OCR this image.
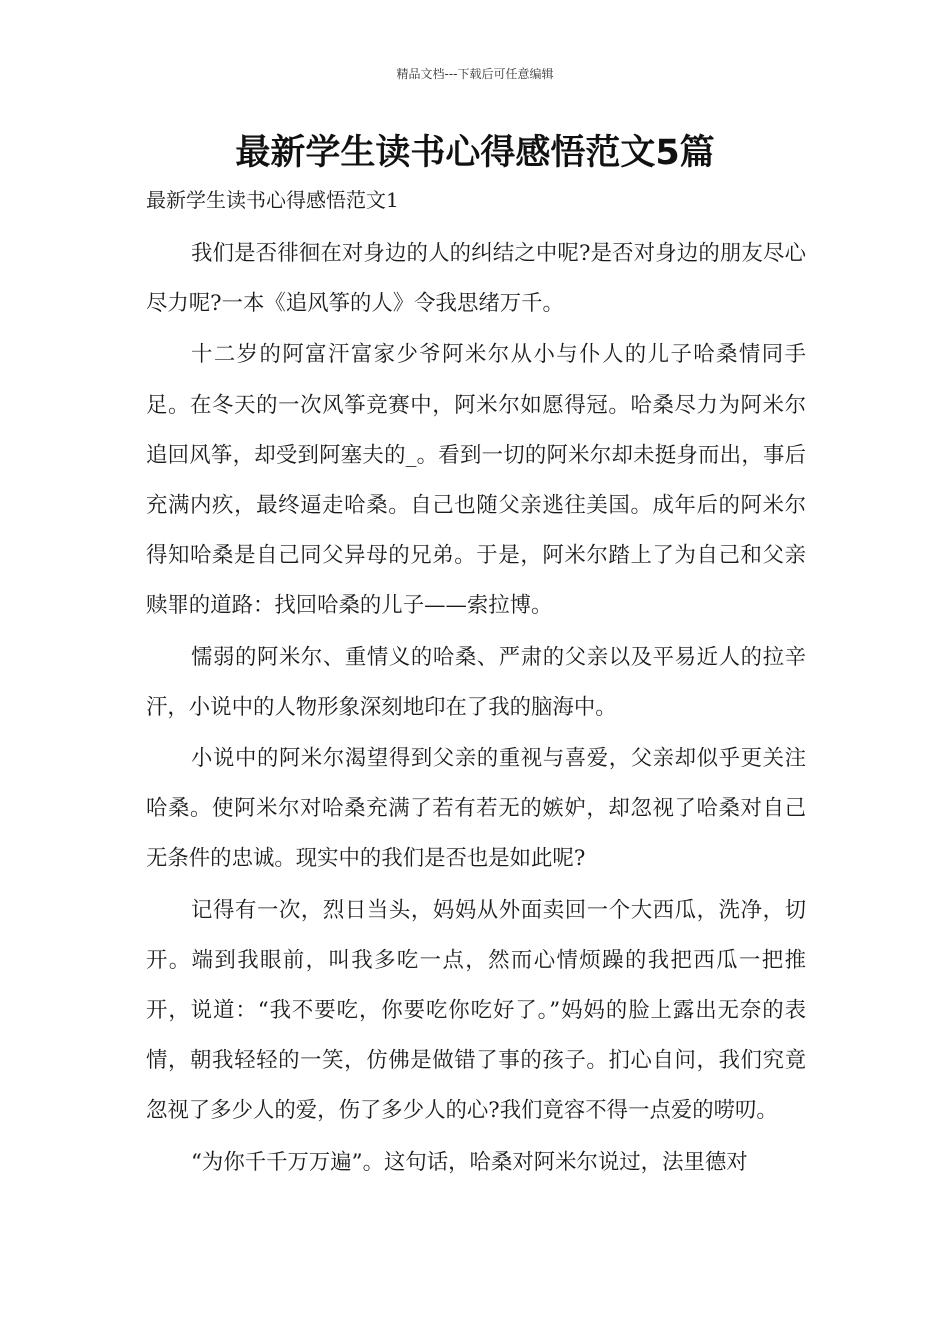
精品文档---下载后可任意编辑
最新学生读书心得感悟范文5篇

最新学生读书心得感悟范文1

我们是否徘徊在对身边的人的纠结之中呢?是否对身边的朋友尽心尽力呢?一本《追风筝的人》令我思绪万千。

十二岁的阿富汗富家少爷阿米尔从小与仆人的儿子哈桑情同手足。在冬天的一次风筝竞赛中，阿米尔如愿得冠。哈桑尽力为阿米尔追回风筝，却受到阿塞夫的_。看到一切的阿米尔却未挺身而出，事后充满内疚，最终逼走哈桑。自己也随父亲逃往美国。成年后的阿米尔得知哈桑是自己同父异母的兄弟。于是，阿米尔踏上了为自己和父亲赎罪的道路：找回哈桑的儿子——索拉博。

懦弱的阿米尔、重情义的哈桑、严肃的父亲以及平易近人的拉辛汗，小说中的人物形象深刻地印在了我的脑海中。

小说中的阿米尔渴望得到父亲的重视与喜爱，父亲却似乎更关注哈桑。使阿米尔对哈桑充满了若有若无的嫉妒，却忽视了哈桑对自己无条件的忠诚。现实中的我们是否也是如此呢?

记得有一次，烈日当头，妈妈从外面卖回一个大西瓜，洗净，切开。端到我眼前，叫我多吃一点，然而心情烦躁的我把西瓜一把推开，说道：“我不要吃，你要吃你吃好了。”妈妈的脸上露出无奈的表情，朝我轻轻的一笑，仿佛是做错了事的孩子。扪心自问，我们究竟忽视了多少人的爱，伤了多少人的心?我们竟容不得一点爱的唠叨。

“为你千千万万遍”。这句话，哈桑对阿米尔说过，法里德对
